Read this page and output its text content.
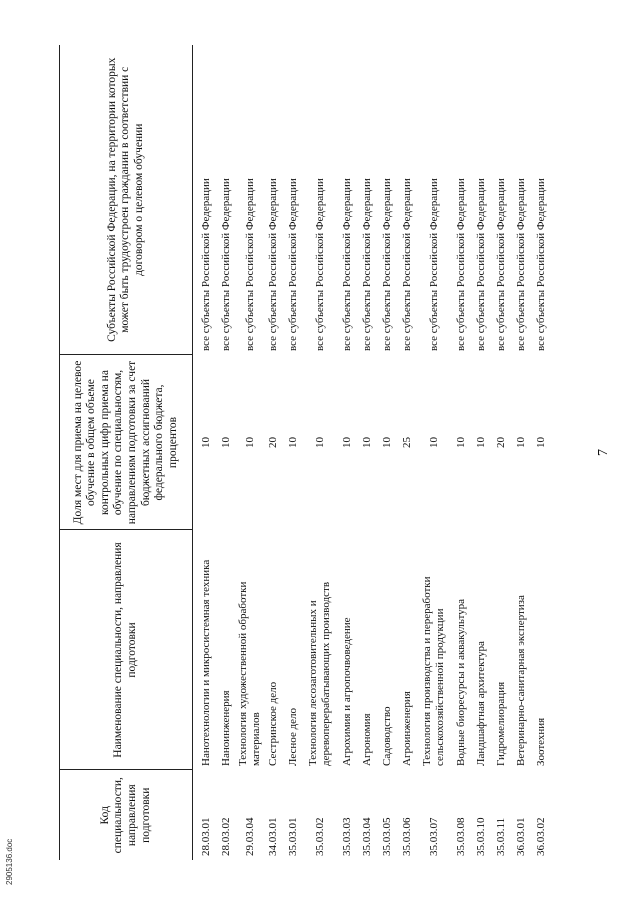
7
2905136.doc
Код специальности, направления подготовки	Наименование специальности, направления подготовки	Доля мест для приема на целевое обучение в общем объеме контрольных цифр приема на обучение по специальностям, направлениям подготовки за счет бюджетных ассигнований федерального бюджета, процентов	Субъекты Российской Федерации, на территории которых может быть трудоустроен гражданин в соответствии с договором о целевом обучении
28.03.01	Нанотехнологии и микросистемная техника	10	все субъекты Российской Федерации
28.03.02	Наноинженерия	10	все субъекты Российской Федерации
29.03.04	Технология художественной обработки материалов	10	все субъекты Российской Федерации
34.03.01	Сестринское дело	20	все субъекты Российской Федерации
35.03.01	Лесное дело	10	все субъекты Российской Федерации
35.03.02	Технология лесозаготовительных и деревоперерабатывающих производств	10	все субъекты Российской Федерации
35.03.03	Агрохимия и агропочвоведение	10	все субъекты Российской Федерации
35.03.04	Агрономия	10	все субъекты Российской Федерации
35.03.05	Садоводство	10	все субъекты Российской Федерации
35.03.06	Агроинженерия	25	все субъекты Российской Федерации
35.03.07	Технология производства и переработки сельскохозяйственной продукции	10	все субъекты Российской Федерации
35.03.08	Водные биоресурсы и аквакультура	10	все субъекты Российской Федерации
35.03.10	Ландшафтная архитектура	10	все субъекты Российской Федерации
35.03.11	Гидромелиорация	20	все субъекты Российской Федерации
36.03.01	Ветеринарно-санитарная экспертиза	10	все субъекты Российской Федерации
36.03.02	Зоотехния	10	все субъекты Российской Федерации
